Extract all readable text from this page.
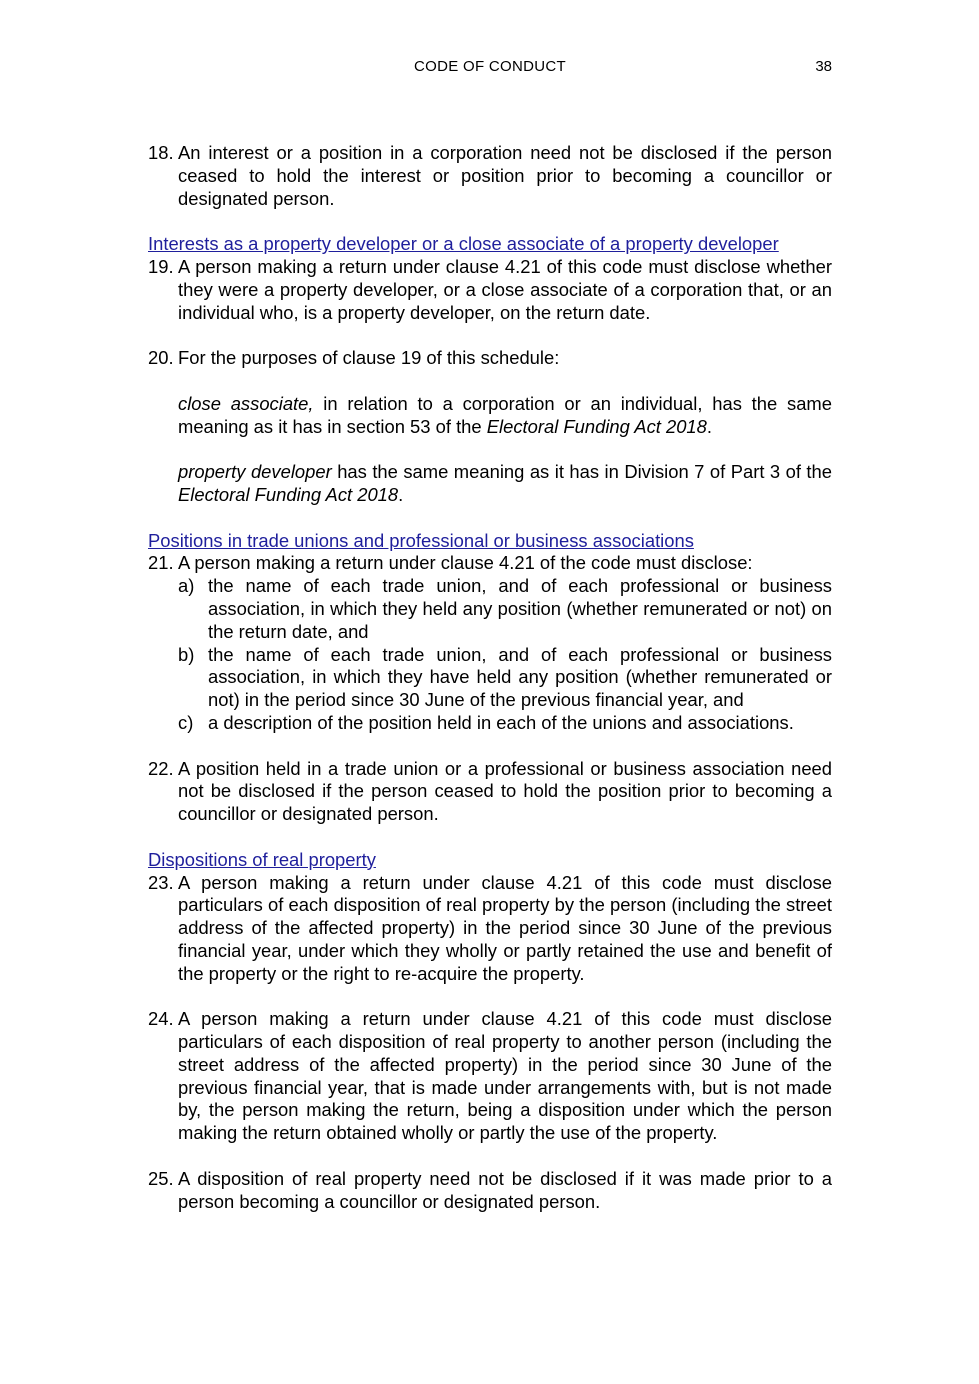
CODE OF CONDUCT	38
18. An interest or a position in a corporation need not be disclosed if the person ceased to hold the interest or position prior to becoming a councillor or designated person.
Interests as a property developer or a close associate of a property developer
19. A person making a return under clause 4.21 of this code must disclose whether they were a property developer, or a close associate of a corporation that, or an individual who, is a property developer, on the return date.
20. For the purposes of clause 19 of this schedule:
close associate, in relation to a corporation or an individual, has the same meaning as it has in section 53 of the Electoral Funding Act 2018.
property developer has the same meaning as it has in Division 7 of Part 3 of the Electoral Funding Act 2018.
Positions in trade unions and professional or business associations
21. A person making a return under clause 4.21 of the code must disclose:
a) the name of each trade union, and of each professional or business association, in which they held any position (whether remunerated or not) on the return date, and
b) the name of each trade union, and of each professional or business association, in which they have held any position (whether remunerated or not) in the period since 30 June of the previous financial year, and
c) a description of the position held in each of the unions and associations.
22. A position held in a trade union or a professional or business association need not be disclosed if the person ceased to hold the position prior to becoming a councillor or designated person.
Dispositions of real property
23. A person making a return under clause 4.21 of this code must disclose particulars of each disposition of real property by the person (including the street address of the affected property) in the period since 30 June of the previous financial year, under which they wholly or partly retained the use and benefit of the property or the right to re-acquire the property.
24. A person making a return under clause 4.21 of this code must disclose particulars of each disposition of real property to another person (including the street address of the affected property) in the period since 30 June of the previous financial year, that is made under arrangements with, but is not made by, the person making the return, being a disposition under which the person making the return obtained wholly or partly the use of the property.
25. A disposition of real property need not be disclosed if it was made prior to a person becoming a councillor or designated person.
